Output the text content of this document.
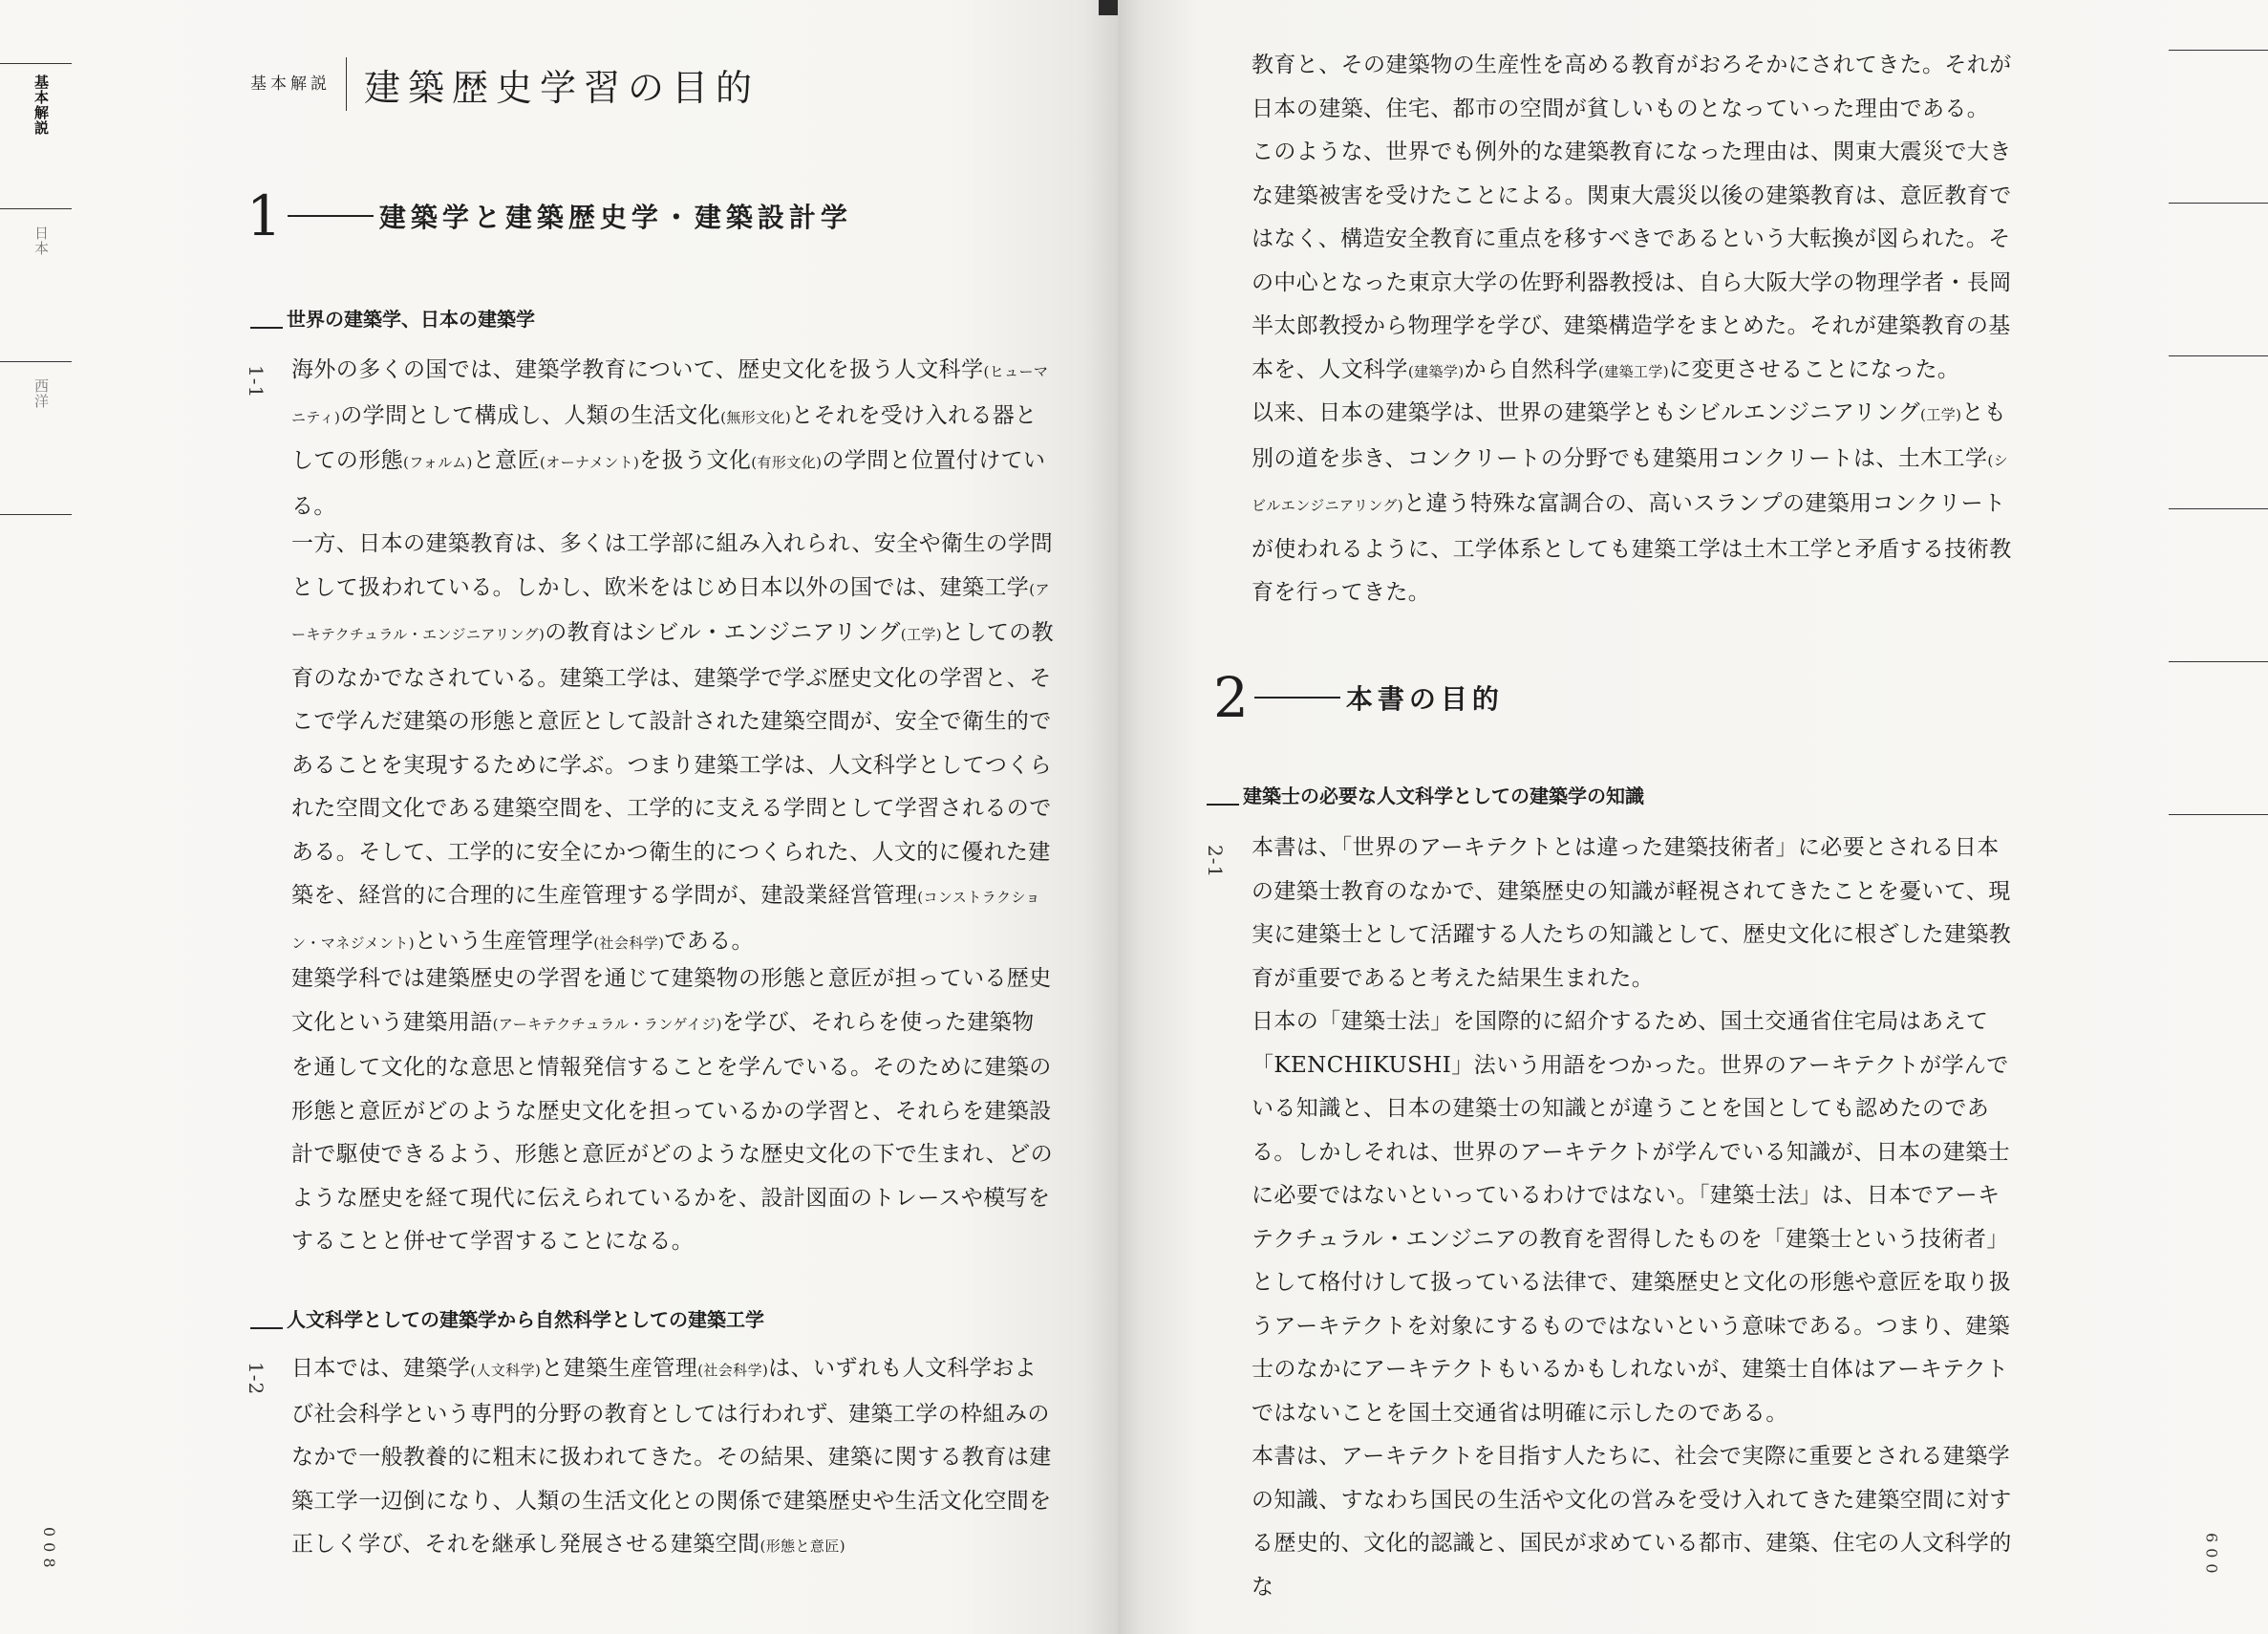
基本解説
日本
西洋
基本解説 建築歴史学習の目的
1	建築学と建築歴史学・建築設計学
世界の建築学、日本の建築学
1-1 海外の多くの国では、建築学教育について、歴史文化を扱う人文科学(ヒューマニティ)の学問として構成し、人類の生活文化(無形文化)とそれを受け入れる器としての形態(フォルム)と意匠(オーナメント)を扱う文化(有形文化)の学問と位置付けている。

一方、日本の建築教育は、多くは工学部に組み入れられ、安全や衛生の学問として扱われている。しかし、欧米をはじめ日本以外の国では、建築工学(アーキテクチュラル・エンジニアリング)の教育はシビル・エンジニアリング(工学)としての教育のなかでなされている。建築工学は、建築学で学ぶ歴史文化の学習と、そこで学んだ建築の形態と意匠として設計された建築空間が、安全で衛生的であることを実現するために学ぶ。つまり建築工学は、人文科学としてつくられた空間文化である建築空間を、工学的に支える学問として学習されるのである。そして、工学的に安全にかつ衛生的につくられた、人文的に優れた建築を、経営的に合理的に生産管理する学問が、建設業経営管理(コンストラクション・マネジメント)という生産管理学(社会科学)である。

建築学科では建築歴史の学習を通じて建築物の形態と意匠が担っている歴史文化という建築用語(アーキテクチュラル・ランゲイジ)を学び、それらを使った建築物を通して文化的な意思と情報発信することを学んでいる。そのために建築の形態と意匠がどのような歴史文化を担っているかの学習と、それらを建築設計で駆使できるよう、形態と意匠がどのような歴史文化の下で生まれ、どのような歴史を経て現代に伝えられているかを、設計図面のトレースや模写をすることと併せて学習することになる。

人文科学としての建築学から自然科学としての建築工学
1-2 日本では、建築学(人文科学)と建築生産管理(社会科学)は、いずれも人文科学および社会科学という専門的分野の教育としては行われず、建築工学の枠組みのなかで一般教養的に粗末に扱われてきた。その結果、建築に関する教育は建築工学一辺倒になり、人類の生活文化との関係で建築歴史や生活文化空間を正しく学び、それを継承し発展させる建築空間(形態と意匠)

008

教育と、その建築物の生産性を高める教育がおろそかにされてきた。それが日本の建築、住宅、都市の空間が貧しいものとなっていった理由である。

このような、世界でも例外的な建築教育になった理由は、関東大震災で大きな建築被害を受けたことによる。関東大震災以後の建築教育は、意匠教育ではなく、構造安全教育に重点を移すべきであるという大転換が図られた。その中心となった東京大学の佐野利器教授は、自ら大阪大学の物理学者・長岡半太郎教授から物理学を学び、建築構造学をまとめた。それが建築教育の基本を、人文科学(建築学)から自然科学(建築工学)に変更させることになった。

以来、日本の建築学は、世界の建築学ともシビルエンジニアリング(工学)とも別の道を歩き、コンクリートの分野でも建築用コンクリートは、土木工学(シビルエンジニアリング)と違う特殊な富調合の、高いスランプの建築用コンクリートが使われるように、工学体系としても建築工学は土木工学と矛盾する技術教育を行ってきた。

2	本書の目的
建築士の必要な人文科学としての建築学の知識
2-1 本書は、「世界のアーキテクトとは違った建築技術者」に必要とされる日本の建築士教育のなかで、建築歴史の知識が軽視されてきたことを憂いて、現実に建築士として活躍する人たちの知識として、歴史文化に根ざした建築教育が重要であると考えた結果生まれた。

日本の「建築士法」を国際的に紹介するため、国土交通省住宅局はあえて「KENCHIKUSHI」法いう用語をつかった。世界のアーキテクトが学んでいる知識と、日本の建築士の知識とが違うことを国としても認めたのである。しかしそれは、世界のアーキテクトが学んでいる知識が、日本の建築士に必要ではないといっているわけではない。「建築士法」は、日本でアーキテクチュラル・エンジニアの教育を習得したものを「建築士という技術者」として格付けして扱っている法律で、建築歴史と文化の形態や意匠を取り扱うアーキテクトを対象にするものではないという意味である。つまり、建築士のなかにアーキテクトもいるかもしれないが、建築士自体はアーキテクトではないことを国土交通省は明確に示したのである。

本書は、アーキテクトを目指す人たちに、社会で実際に重要とされる建築学の知識、すなわち国民の生活や文化の営みを受け入れてきた建築空間に対する歴史的、文化的認識と、国民が求めている都市、建築、住宅の人文科学的な

009
